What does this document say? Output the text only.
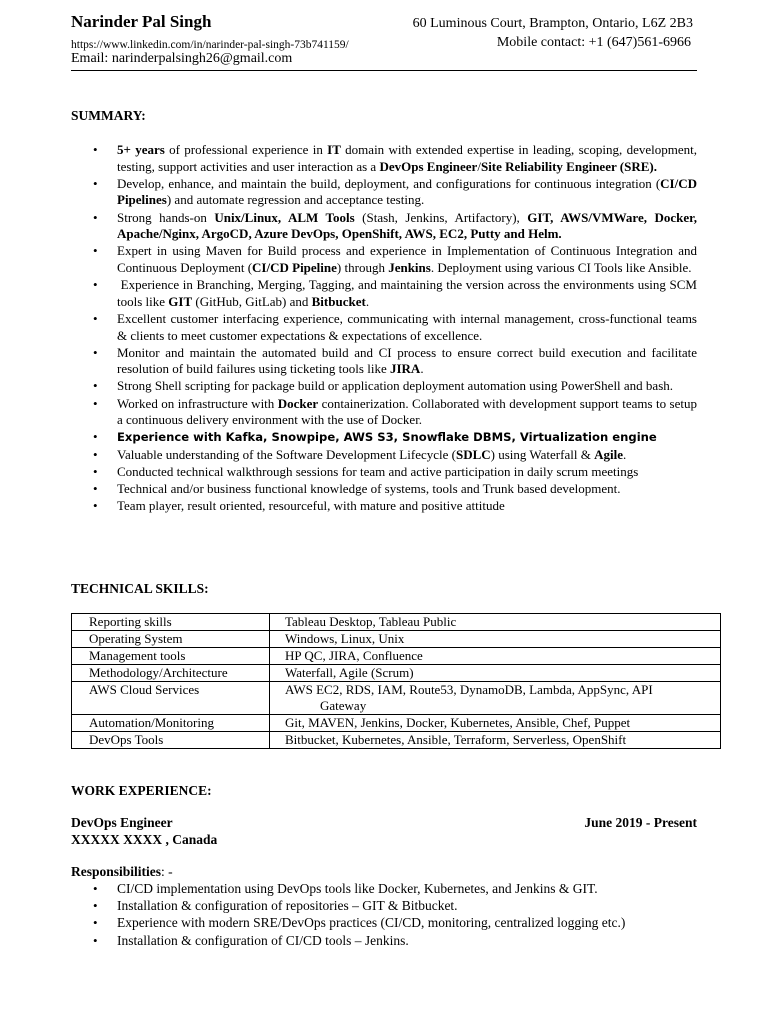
Narinder Pal Singh	60 Luminous Court, Brampton, Ontario, L6Z 2B3
https://www.linkedin.com/in/narinder-pal-singh-73b741159/	Mobile contact: +1 (647)561-6966
Email: narinderpalsingh26@gmail.com
SUMMARY:
• 5+ years of professional experience in IT domain with extended expertise in leading, scoping, development, testing, support activities and user interaction as a DevOps Engineer/Site Reliability Engineer (SRE).
• Develop, enhance, and maintain the build, deployment, and configurations for continuous integration (CI/CD Pipelines) and automate regression and acceptance testing.
• Strong hands-on Unix/Linux, ALM Tools (Stash, Jenkins, Artifactory), GIT, AWS/VMWare, Docker, Apache/Nginx, ArgoCD, Azure DevOps, OpenShift, AWS, EC2, Putty and Helm.
• Expert in using Maven for Build process and experience in Implementation of Continuous Integration and Continuous Deployment (CI/CD Pipeline) through Jenkins. Deployment using various CI Tools like Ansible.
• Experience in Branching, Merging, Tagging, and maintaining the version across the environments using SCM tools like GIT (GitHub, GitLab) and Bitbucket.
• Excellent customer interfacing experience, communicating with internal management, cross-functional teams & clients to meet customer expectations & expectations of excellence.
• Monitor and maintain the automated build and CI process to ensure correct build execution and facilitate resolution of build failures using ticketing tools like JIRA.
• Strong Shell scripting for package build or application deployment automation using PowerShell and bash.
• Worked on infrastructure with Docker containerization. Collaborated with development support teams to setup a continuous delivery environment with the use of Docker.
• Experience with Kafka, Snowpipe, AWS S3, Snowflake DBMS, Virtualization engine
• Valuable understanding of the Software Development Lifecycle (SDLC) using Waterfall & Agile.
• Conducted technical walkthrough sessions for team and active participation in daily scrum meetings
• Technical and/or business functional knowledge of systems, tools and Trunk based development.
• Team player, result oriented, resourceful, with mature and positive attitude
TECHNICAL SKILLS:
Reporting skills	Tableau Desktop, Tableau Public
Operating System	Windows, Linux, Unix
Management tools	HP QC, JIRA, Confluence
Methodology/Architecture	Waterfall, Agile (Scrum)
AWS Cloud Services	AWS EC2, RDS, IAM, Route53, DynamoDB, Lambda, AppSync, API
Gateway

Automation/Monitoring	Git, MAVEN, Jenkins, Docker, Kubernetes, Ansible, Chef, Puppet
DevOps Tools	Bitbucket, Kubernetes, Ansible, Terraform, Serverless, OpenShift
WORK EXPERIENCE:
DevOps Engineer	June 2019 - Present
XXXXX XXXX , Canada
Responsibilities: -
• CI/CD implementation using DevOps tools like Docker, Kubernetes, and Jenkins & GIT.
• Installation & configuration of repositories – GIT & Bitbucket.
• Experience with modern SRE/DevOps practices (CI/CD, monitoring, centralized logging etc.)
• Installation & configuration of CI/CD tools – Jenkins.
